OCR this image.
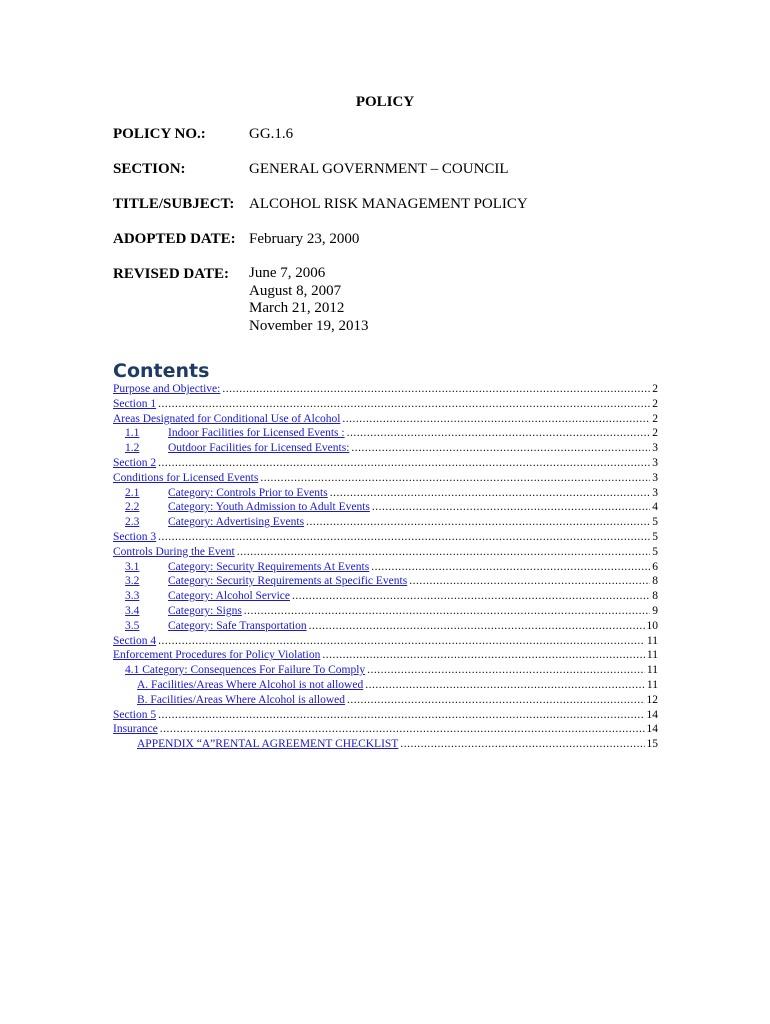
POLICY
POLICY NO.:	GG.1.6
SECTION:	GENERAL GOVERNMENT – COUNCIL
TITLE/SUBJECT: ALCOHOL RISK MANAGEMENT POLICY
ADOPTED DATE: February 23, 2000
REVISED DATE:	June 7, 2006
August 8, 2007
March 21, 2012
November 19, 2013
Contents
Purpose and Objective: .....	2
Section 1 .....	2
Areas Designated for Conditional Use of Alcohol .....	2
1.1	Indoor Facilities for Licensed Events : .....	2
1.2	Outdoor Facilities for Licensed Events: .....	3
Section 2 .....	3
Conditions for Licensed Events .....	3
2.1	Category: Controls Prior to Events .....	3
2.2	Category: Youth Admission to Adult Events .....	4
2.3	Category: Advertising Events .....	5
Section 3 .....	5
Controls During the Event .....	5
3.1	Category: Security Requirements At Events .....	6
3.2	Category: Security Requirements at Specific Events .....	8
3.3	Category: Alcohol Service .....	8
3.4	Category: Signs .....	9
3.5	Category: Safe Transportation .....	10
Section 4 .....	11
Enforcement Procedures for Policy Violation .....	11
4.1 Category: Consequences For Failure To Comply .....	11
A. Facilities/Areas Where Alcohol is not allowed .....	11
B. Facilities/Areas Where Alcohol is allowed .....	12
Section 5 .....	14
Insurance .....	14
APPENDIX “A”RENTAL AGREEMENT CHECKLIST .....	15
